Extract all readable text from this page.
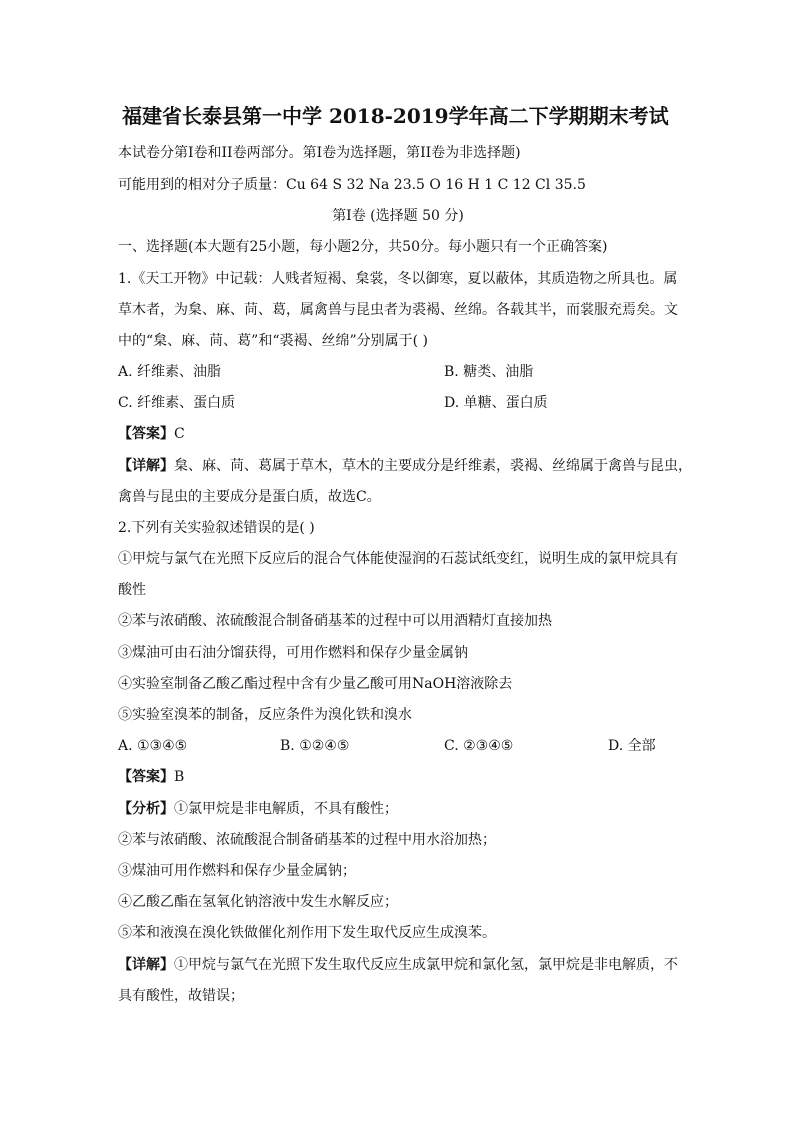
福建省长泰县第一中学 2018-2019学年高二下学期期末考试
本试卷分第I卷和II卷两部分。第I卷为选择题，第II卷为非选择题)
可能用到的相对分子质量：Cu 64 S 32 Na 23.5 O 16 H 1 C 12 Cl 35.5
第I卷 (选择题 50 分)
一、选择题(本大题有25小题，每小题2分，共50分。每小题只有一个正确答案)
1.《天工开物》中记载：人贱者短褐、枲裳，冬以御寒，夏以蔽体，其质造物之所具也。属
草木者，为枲、麻、苘、葛，属禽兽与昆虫者为裘褐、丝绵。各载其半，而裳服充焉矣。文
中的“枲、麻、苘、葛”和“裘褐、丝绵”分别属于( )
A. 纤维素、油脂	B. 糖类、油脂
C. 纤维素、蛋白质	D. 单糖、蛋白质
【答案】C
【详解】枲、麻、苘、葛属于草木，草木的主要成分是纤维素，裘褐、丝绵属于禽兽与昆虫，
禽兽与昆虫的主要成分是蛋白质，故选C。
2.下列有关实验叙述错误的是( )
①甲烷与氯气在光照下反应后的混合气体能使湿润的石蕊试纸变红，说明生成的氯甲烷具有
酸性
②苯与浓硝酸、浓硫酸混合制备硝基苯的过程中可以用酒精灯直接加热
③煤油可由石油分馏获得，可用作燃料和保存少量金属钠
④实验室制备乙酸乙酯过程中含有少量乙酸可用NaOH溶液除去
⑤实验室溴苯的制备，反应条件为溴化铁和溴水
A. ①③④⑤	B. ①②④⑤	C. ②③④⑤	D. 全部
【答案】B
【分析】①氯甲烷是非电解质，不具有酸性；
②苯与浓硝酸、浓硫酸混合制备硝基苯的过程中用水浴加热；
③煤油可用作燃料和保存少量金属钠；
④乙酸乙酯在氢氧化钠溶液中发生水解反应；
⑤苯和液溴在溴化铁做催化剂作用下发生取代反应生成溴苯。
【详解】①甲烷与氯气在光照下发生取代反应生成氯甲烷和氯化氢，氯甲烷是非电解质，不
具有酸性，故错误；
